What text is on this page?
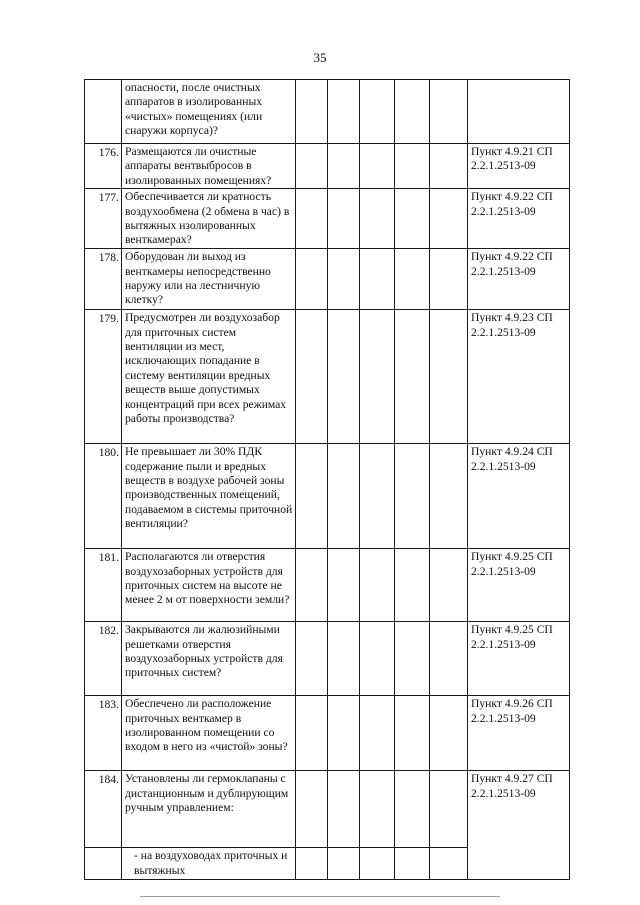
35
	опасности, после очистных аппаратов в изолированных «чистых» помещениях (или снаружи корпуса)?						
176.	Размещаются ли очистные аппараты вентвыбросов в изолированных помещениях?						Пункт 4.9.21 СП 2.2.1.2513-09
177.	Обеспечивается ли кратность воздухообмена (2 обмена в час) в вытяжных изолированных венткамерах?						Пункт 4.9.22 СП 2.2.1.2513-09
178.	Оборудован ли выход из венткамеры непосредственно наружу или на лестничную клетку?						Пункт 4.9.22 СП 2.2.1.2513-09
179.	Предусмотрен ли воздухозабор для приточных систем вентиляции из мест, исключающих попадание в систему вентиляции вредных веществ выше допустимых концентраций при всех режимах работы производства?						Пункт 4.9.23 СП 2.2.1.2513-09
180.	Не превышает ли 30% ПДК содержание пыли и вредных веществ в воздухе рабочей зоны производственных помещений, подаваемом в системы приточной вентиляции?						Пункт 4.9.24 СП 2.2.1.2513-09
181.	Располагаются ли отверстия воздухозаборных устройств для приточных систем на высоте не менее 2 м от поверхности земли?						Пункт 4.9.25 СП 2.2.1.2513-09
182.	Закрываются ли жалюзийными решетками отверстия воздухозаборных устройств для приточных систем?						Пункт 4.9.25 СП 2.2.1.2513-09
183.	Обеспечено ли расположение приточных венткамер в изолированном помещении со входом в него из «чистой» зоны?						Пункт 4.9.26 СП 2.2.1.2513-09
184.	Установлены ли гермоклапаны с дистанционным и дублирующим ручным управлением:						Пункт 4.9.27 СП 2.2.1.2513-09
	- на воздуховодах приточных и вытяжных						
